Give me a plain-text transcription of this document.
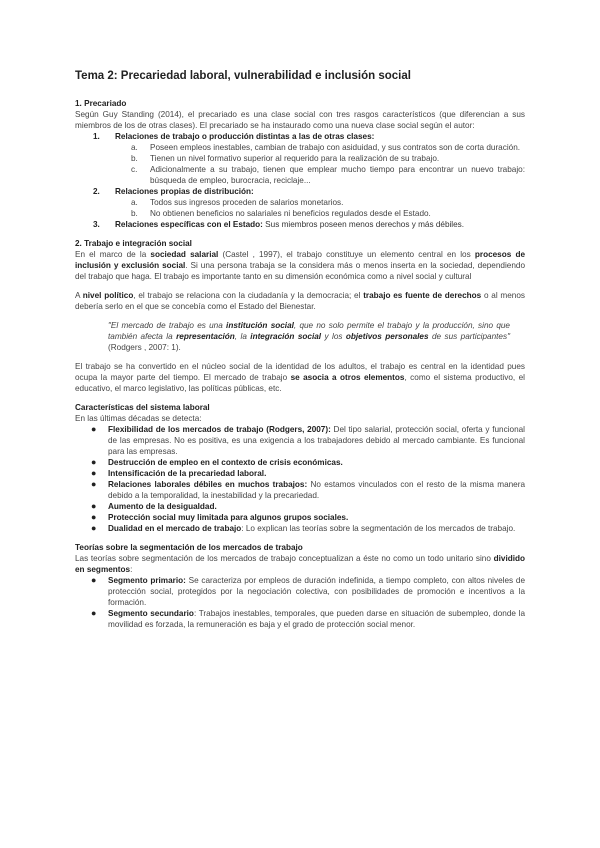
Tema 2: Precariedad laboral, vulnerabilidad e inclusión social
1. Precariado

Según Guy Standing (2014), el precariado es una clase social con tres rasgos característicos (que diferencian a sus miembros de los de otras clases). El precariado se ha instaurado como una nueva clase social según el autor:

1. Relaciones de trabajo o producción distintas a las de otras clases:
a. Poseen empleos inestables, cambian de trabajo con asiduidad, y sus contratos son de corta duración.
b. Tienen un nivel formativo superior al requerido para la realización de su trabajo.
c. Adicionalmente a su trabajo, tienen que emplear mucho tiempo para encontrar un nuevo trabajo: búsqueda de empleo, burocracia, reciclaje...
2. Relaciones propias de distribución:
a. Todos sus ingresos proceden de salarios monetarios.
b. No obtienen beneficios no salariales ni beneficios regulados desde el Estado.
3. Relaciones específicas con el Estado: Sus miembros poseen menos derechos y más débiles.
2. Trabajo e integración social

En el marco de la sociedad salarial (Castel , 1997), el trabajo constituye un elemento central en los procesos de inclusión y exclusión social. Si una persona trabaja se la considera más o menos inserta en la sociedad, dependiendo del trabajo que haga. El trabajo es importante tanto en su dimensión económica como a nivel social y cultural

A nivel político, el trabajo se relaciona con la ciudadanía y la democracia; el trabajo es fuente de derechos o al menos debería serlo en el que se concebía como el Estado del Bienestar.

"El mercado de trabajo es una institución social, que no solo permite el trabajo y la producción, sino que también afecta la representación, la integración social y los objetivos personales de sus participantes" (Rodgers , 2007: 1).

El trabajo se ha convertido en el núcleo social de la identidad de los adultos, el trabajo es central en la identidad pues ocupa la mayor parte del tiempo. El mercado de trabajo se asocia a otros elementos, como el sistema productivo, el educativo, el marco legislativo, las políticas públicas, etc.

Características del sistema laboral

En las últimas décadas se detecta:

● Flexibilidad de los mercados de trabajo (Rodgers, 2007): Del tipo salarial, protección social, oferta y funcional de las empresas. No es positiva, es una exigencia a los trabajadores debido al mercado cambiante. Es funcional para las empresas.
● Destrucción de empleo en el contexto de crisis económicas.
● Intensificación de la precariedad laboral.
● Relaciones laborales débiles en muchos trabajos: No estamos vinculados con el resto de la misma manera debido a la temporalidad, la inestabilidad y la precariedad.
● Aumento de la desigualdad.
● Protección social muy limitada para algunos grupos sociales.
● Dualidad en el mercado de trabajo: Lo explican las teorías sobre la segmentación de los mercados de trabajo.
Teorías sobre la segmentación de los mercados de trabajo

Las teorías sobre segmentación de los mercados de trabajo conceptualizan a éste no como un todo unitario sino dividido en segmentos:

● Segmento primario: Se caracteriza por empleos de duración indefinida, a tiempo completo, con altos niveles de protección social, protegidos por la negociación colectiva, con posibilidades de promoción e incentivos a la formación.
● Segmento secundario: Trabajos inestables, temporales, que pueden darse en situación de subempleo, donde la movilidad es forzada, la remuneración es baja y el grado de protección social menor.
